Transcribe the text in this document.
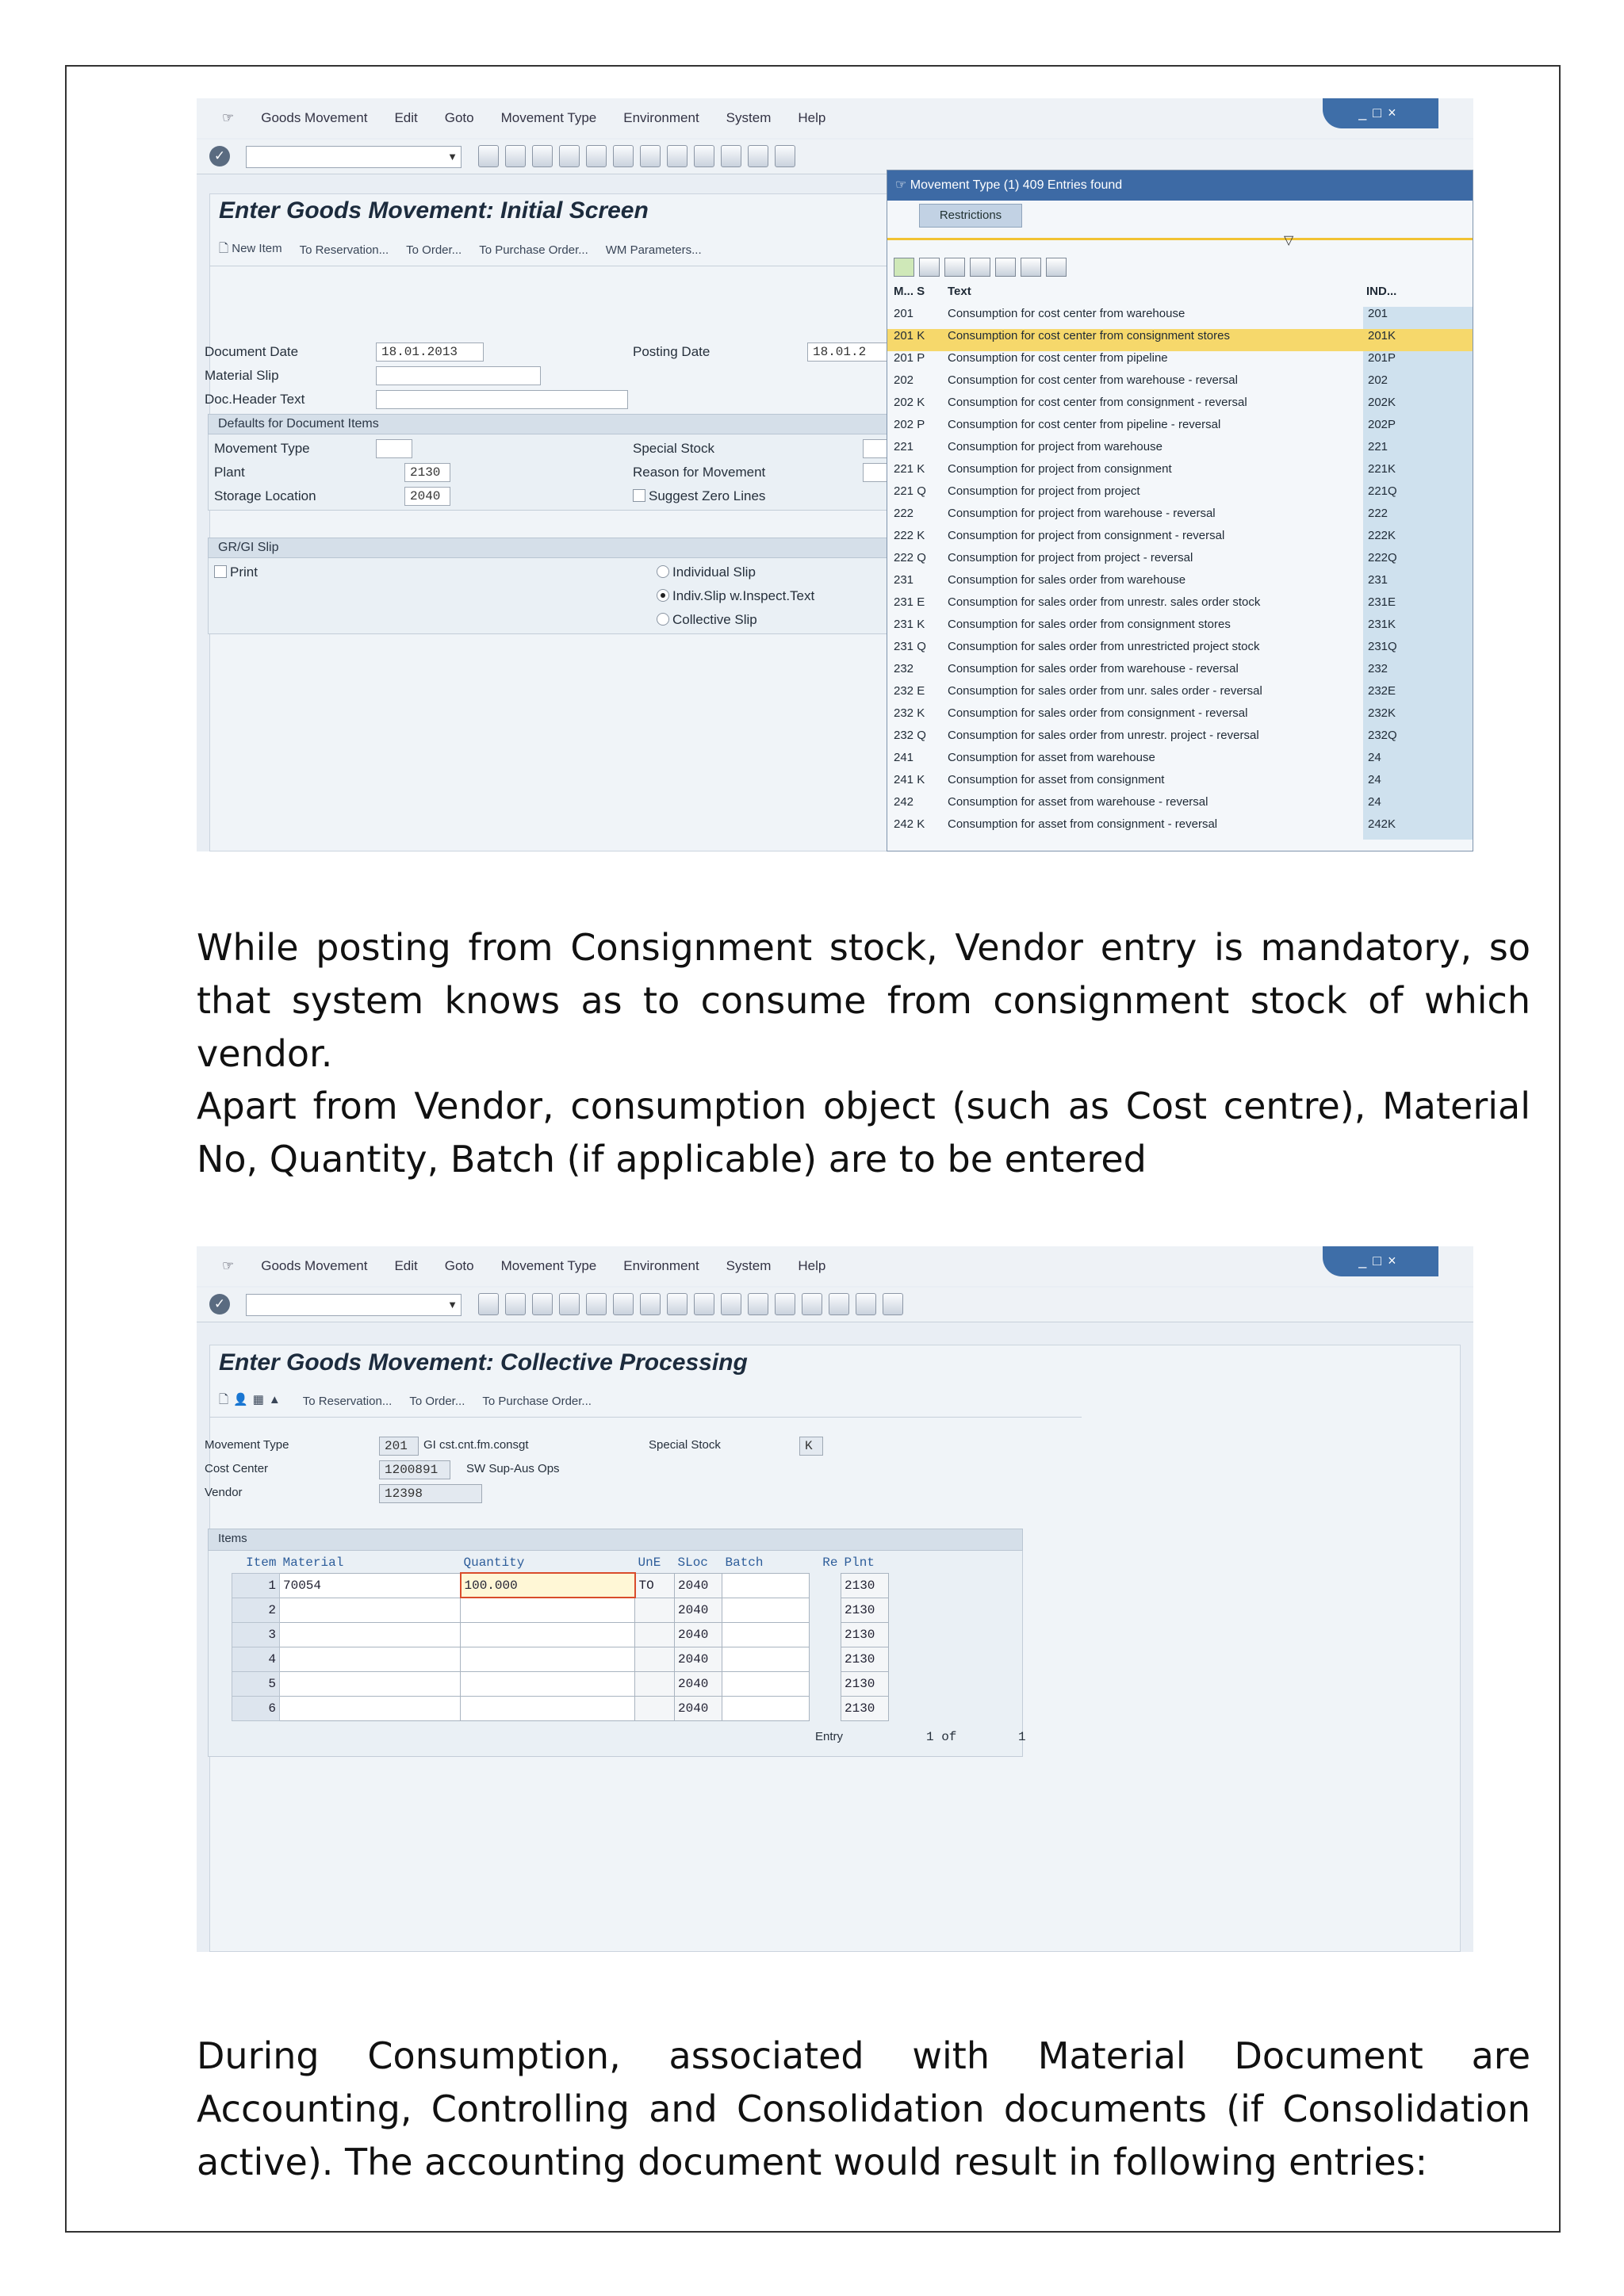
☞ Goods Movement Edit Goto Movement Type Environment System Help	_□×
✓	▼
Enter Goods Movement: Initial Screen
🗋 New Item To Reservation... To Order... To Purchase Order... WM Parameters...
Document Date	18.01.2013	Posting Date	18.01.2
Material Slip
Doc.Header Text
Defaults for Document Items
Movement Type
Plant	2130
Storage Location	2040
Special Stock
Reason for Movement
Suggest Zero Lines
GR/GI Slip
Print	Individual Slip
Indiv.Slip w.Inspect.Text
Collective Slip
☞ Movement Type (1) 409 Entries found
Restrictions
▽
M... S Text	IND...
201	Consumption for cost center from warehouse	201
201 K	Consumption for cost center from consignment stores	201K
201 P	Consumption for cost center from pipeline	201P
202	Consumption for cost center from warehouse - reversal	202
202 K	Consumption for cost center from consignment - reversal	202K
202 P	Consumption for cost center from pipeline - reversal	202P
221	Consumption for project from warehouse	221
221 K	Consumption for project from consignment	221K
221 Q	Consumption for project from project	221Q
222	Consumption for project from warehouse - reversal	222
222 K	Consumption for project from consignment - reversal	222K
222 Q	Consumption for project from project - reversal	222Q
231	Consumption for sales order from warehouse	231
231 E	Consumption for sales order from unrestr. sales order stock	231E
231 K	Consumption for sales order from consignment stores	231K
231 Q	Consumption for sales order from unrestricted project stock	231Q
232	Consumption for sales order from warehouse - reversal	232
232 E	Consumption for sales order from unr. sales order - reversal	232E
232 K	Consumption for sales order from consignment - reversal	232K
232 Q	Consumption for sales order from unrestr. project - reversal	232Q
241	Consumption for asset from warehouse	24
241 K	Consumption for asset from consignment	24
242	Consumption for asset from warehouse - reversal	24
242 K	Consumption for asset from consignment - reversal	242K

While posting from Consignment stock, Vendor entry is mandatory, so that system knows as to consume from consignment stock of which vendor.

Apart from Vendor, consumption object (such as Cost centre), Material No, Quantity, Batch (if applicable) are to be entered

☞ Goods Movement Edit Goto Movement Type Environment System Help	_□×
✓	▼
Enter Goods Movement: Collective Processing
🗋👤▦▲ To Reservation... To Order... To Purchase Order...
Movement Type	201	GI cst.cnt.fm.consgt	Special Stock	K
Cost Center	1200891	SW Sup-Aus Ops
Vendor	12398
Items
Item	Material	Quantity	UnE	SLoc	Batch	Re	Plnt
1	70054	100.000	TO	2040			2130
2				2040			2130
3				2040			2130
4				2040			2130
5				2040			2130
6				2040			2130
Entry	1 of	1

During Consumption, associated with Material Document are Accounting, Controlling and Consolidation documents (if Consolidation active). The accounting document would result in following entries:
